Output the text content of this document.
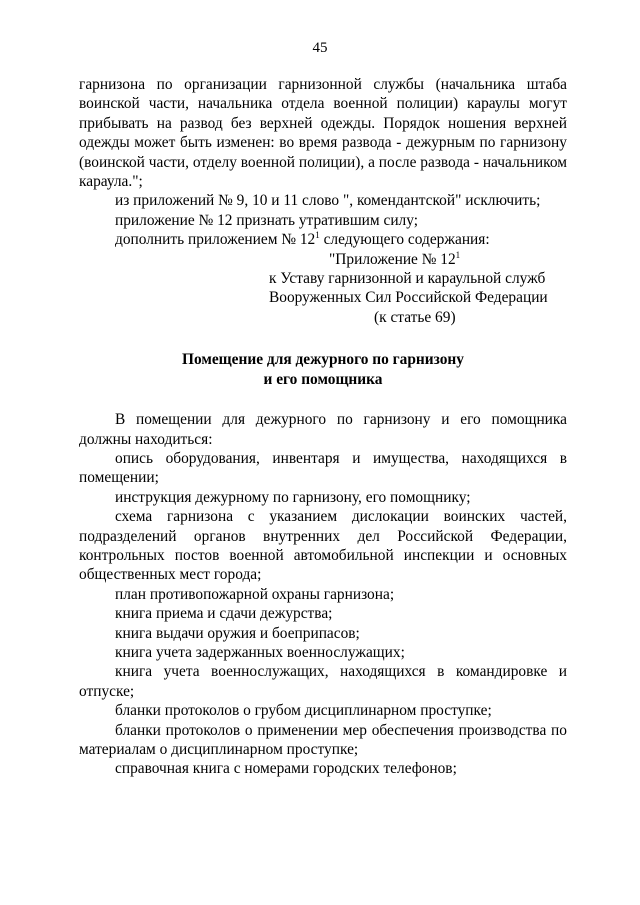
45

гарнизона по организации гарнизонной службы (начальника штаба воинской части, начальника отдела военной полиции) караулы могут прибывать на развод без верхней одежды. Порядок ношения верхней одежды может быть изменен: во время развода - дежурным по гарнизону (воинской части, отделу военной полиции), а после развода - начальником караула.";

из приложений № 9, 10 и 11 слово ", комендантской" исключить;

приложение № 12 признать утратившим силу;

дополнить приложением № $12^1$ следующего содержания:

"Приложение № $12^1$
к Уставу гарнизонной и караульной служб
Вооруженных Сил Российской Федерации
(к статье 69)
Помещение для дежурного по гарнизону
и его помощника

В помещении для дежурного по гарнизону и его помощника должны находиться:

опись оборудования, инвентаря и имущества, находящихся в помещении;

инструкция дежурному по гарнизону, его помощнику;

схема гарнизона с указанием дислокации воинских частей, подразделений органов внутренних дел Российской Федерации, контрольных постов военной автомобильной инспекции и основных общественных мест города;

план противопожарной охраны гарнизона;

книга приема и сдачи дежурства;

книга выдачи оружия и боеприпасов;

книга учета задержанных военнослужащих;

книга учета военнослужащих, находящихся в командировке и отпуске;

бланки протоколов о грубом дисциплинарном проступке;

бланки протоколов о применении мер обеспечения производства по материалам о дисциплинарном проступке;

справочная книга с номерами городских телефонов;
